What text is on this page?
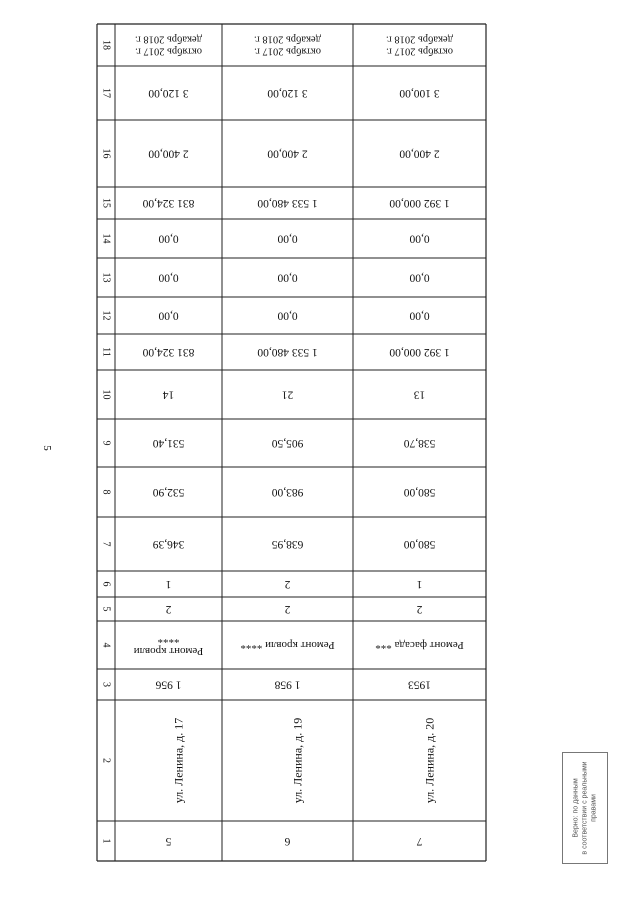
5
1
2
3
4
5
6
7
8
9
10
11
12
13
14
15
16
17
18
5
ул. Ленина, д. 17
1 956
Ремонт кровли
****
2
1
346,39
532,90
531,40
14
831 324,00
0,00
0,00
0,00
831 324,00
2 400,00
3 120,00
октябрь 2017 г.
декабрь 2018 г.
6
ул. Ленина, д. 19
1 958
Ремонт кровли ****
2
2
638,95
983,00
905,50
21
1 533 480,00
0,00
0,00
0,00
1 533 480,00
2 400,00
3 120,00
октябрь 2017 г.
декабрь 2018 г.
7
ул. Ленина, д. 20
1953
Ремонт фасада ***
2
1
580,00
580,00
538,70
13
1 392 000,00
0,00
0,00
0,00
1 392 000,00
2 400,00
3 100,00
октябрь 2017 г.
декабрь 2018 г.
Верно: по данным в соответствии с реальными правами
